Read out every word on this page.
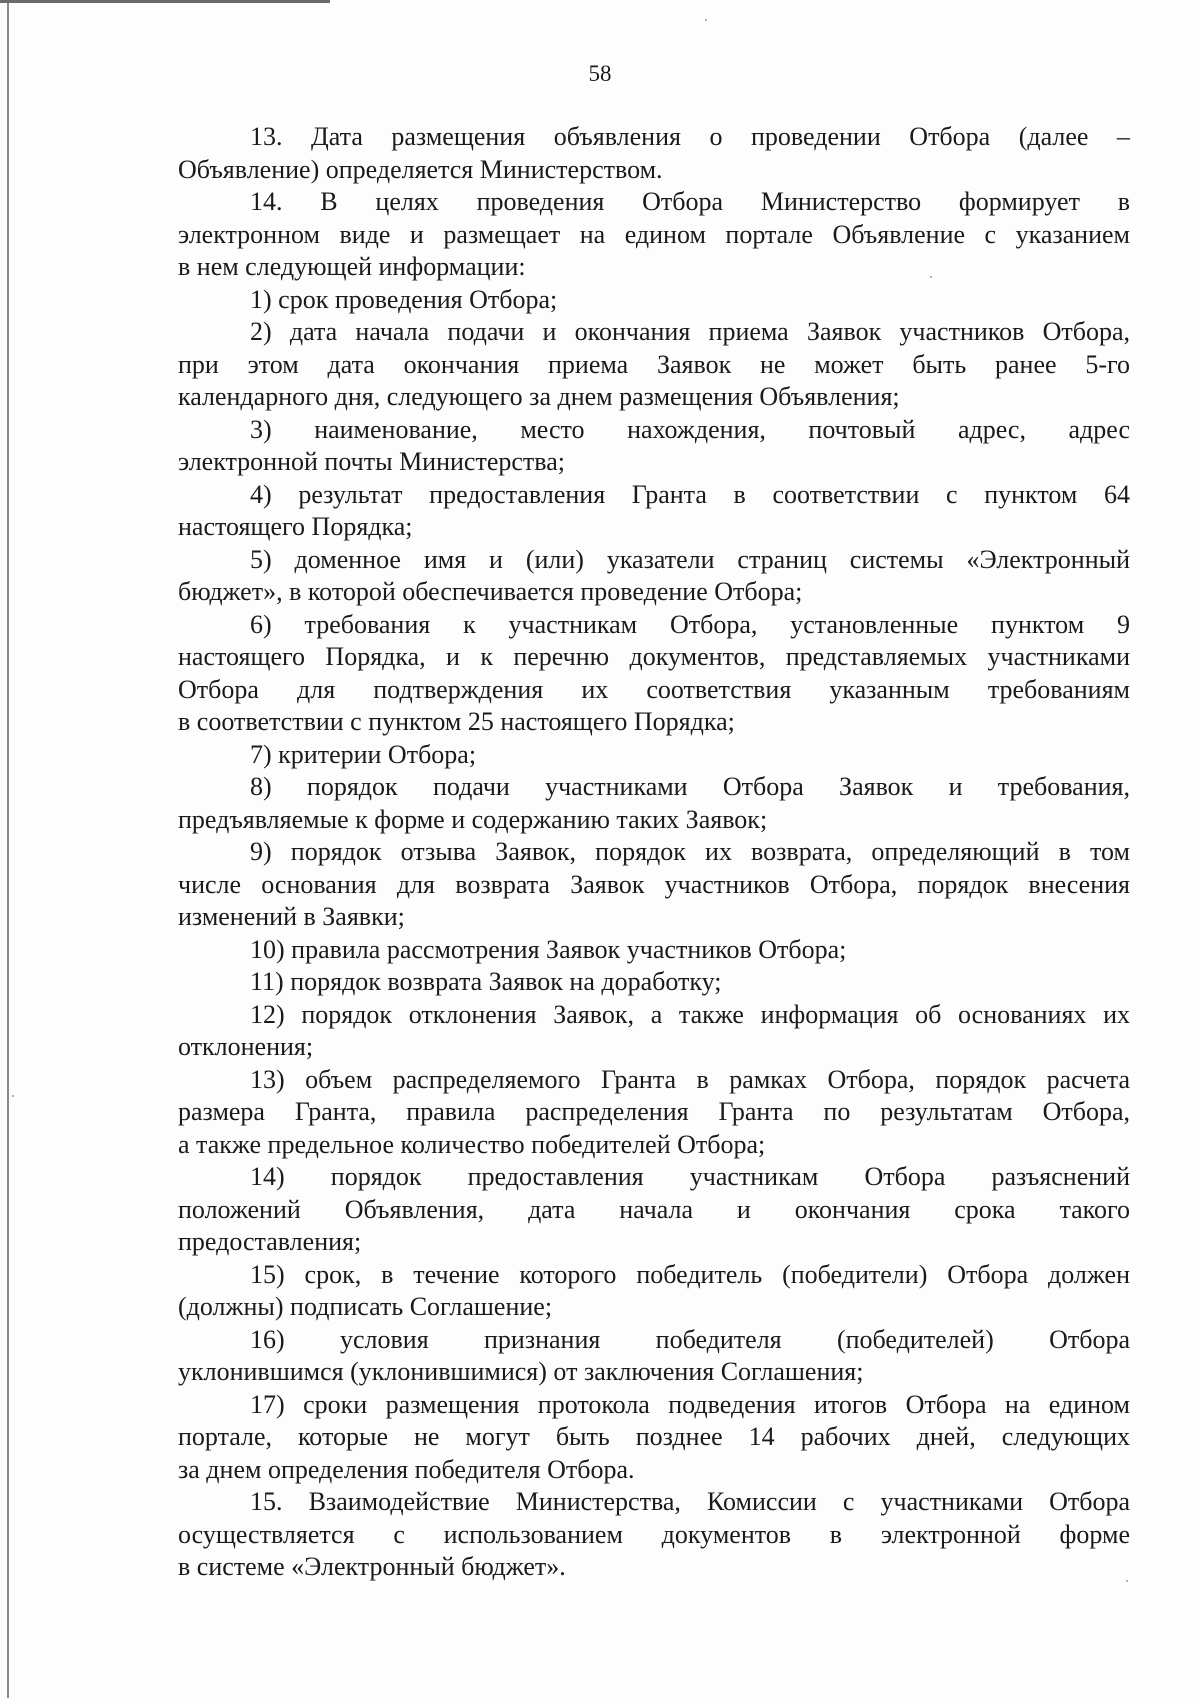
58

13. Дата размещения объявления о проведении Отбора (далее –
Объявление) определяется Министерством.

14. В целях проведения Отбора Министерство формирует в
электронном виде и размещает на едином портале Объявление с указанием
в нем следующей информации:

1) срок проведения Отбора;

2) дата начала подачи и окончания приема Заявок участников Отбора,
при этом дата окончания приема Заявок не может быть ранее 5-го
календарного дня, следующего за днем размещения Объявления;

3) наименование, место нахождения, почтовый адрес, адрес
электронной почты Министерства;

4) результат предоставления Гранта в соответствии с пунктом 64
настоящего Порядка;

5) доменное имя и (или) указатели страниц системы «Электронный
бюджет», в которой обеспечивается проведение Отбора;

6) требования к участникам Отбора, установленные пунктом 9
настоящего Порядка, и к перечню документов, представляемых участниками
Отбора для подтверждения их соответствия указанным требованиям
в соответствии с пунктом 25 настоящего Порядка;

7) критерии Отбора;

8) порядок подачи участниками Отбора Заявок и требования,
предъявляемые к форме и содержанию таких Заявок;

9) порядок отзыва Заявок, порядок их возврата, определяющий в том
числе основания для возврата Заявок участников Отбора, порядок внесения
изменений в Заявки;

10) правила рассмотрения Заявок участников Отбора;

11) порядок возврата Заявок на доработку;

12) порядок отклонения Заявок, а также информация об основаниях их
отклонения;

13) объем распределяемого Гранта в рамках Отбора, порядок расчета
размера Гранта, правила распределения Гранта по результатам Отбора,
а также предельное количество победителей Отбора;

14) порядок предоставления участникам Отбора разъяснений
положений Объявления, дата начала и окончания срока такого
предоставления;

15) срок, в течение которого победитель (победители) Отбора должен
(должны) подписать Соглашение;

16) условия признания победителя (победителей) Отбора
уклонившимся (уклонившимися) от заключения Соглашения;

17) сроки размещения протокола подведения итогов Отбора на едином
портале, которые не могут быть позднее 14 рабочих дней, следующих
за днем определения победителя Отбора.

15. Взаимодействие Министерства, Комиссии с участниками Отбора
осуществляется с использованием документов в электронной форме
в системе «Электронный бюджет».
